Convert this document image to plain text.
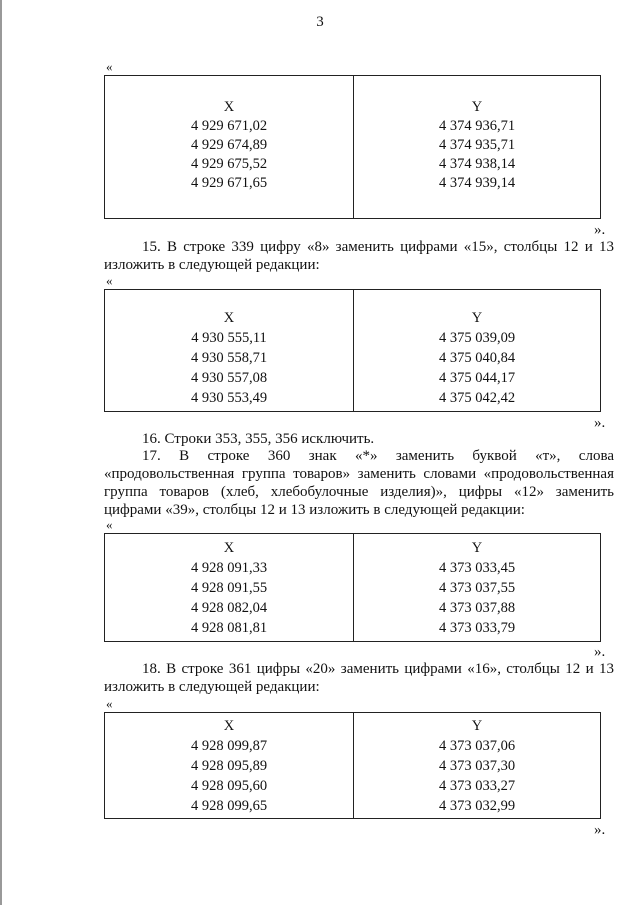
3
«
X
4 929 671,02
4 929 674,89
4 929 675,52
4 929 671,65
Y
4 374 936,71
4 374 935,71
4 374 938,14
4 374 939,14
».
15. В строке 339 цифру «8» заменить цифрами «15», столбцы 12 и 13 изложить в следующей редакции:
«
X
4 930 555,11
4 930 558,71
4 930 557,08
4 930 553,49
Y
4 375 039,09
4 375 040,84
4 375 044,17
4 375 042,42
».
16. Строки 353, 355, 356 исключить.
17. В строке 360 знак «*» заменить буквой «т», слова «продовольственная группа товаров» заменить словами «продовольственная группа товаров (хлеб, хлебобулочные изделия)», цифры «12» заменить цифрами «39», столбцы 12 и 13 изложить в следующей редакции:
«
X
4 928 091,33
4 928 091,55
4 928 082,04
4 928 081,81
Y
4 373 033,45
4 373 037,55
4 373 037,88
4 373 033,79
».
18. В строке 361 цифры «20» заменить цифрами «16», столбцы 12 и 13 изложить в следующей редакции:
«
X
4 928 099,87
4 928 095,89
4 928 095,60
4 928 099,65
Y
4 373 037,06
4 373 037,30
4 373 033,27
4 373 032,99
».
